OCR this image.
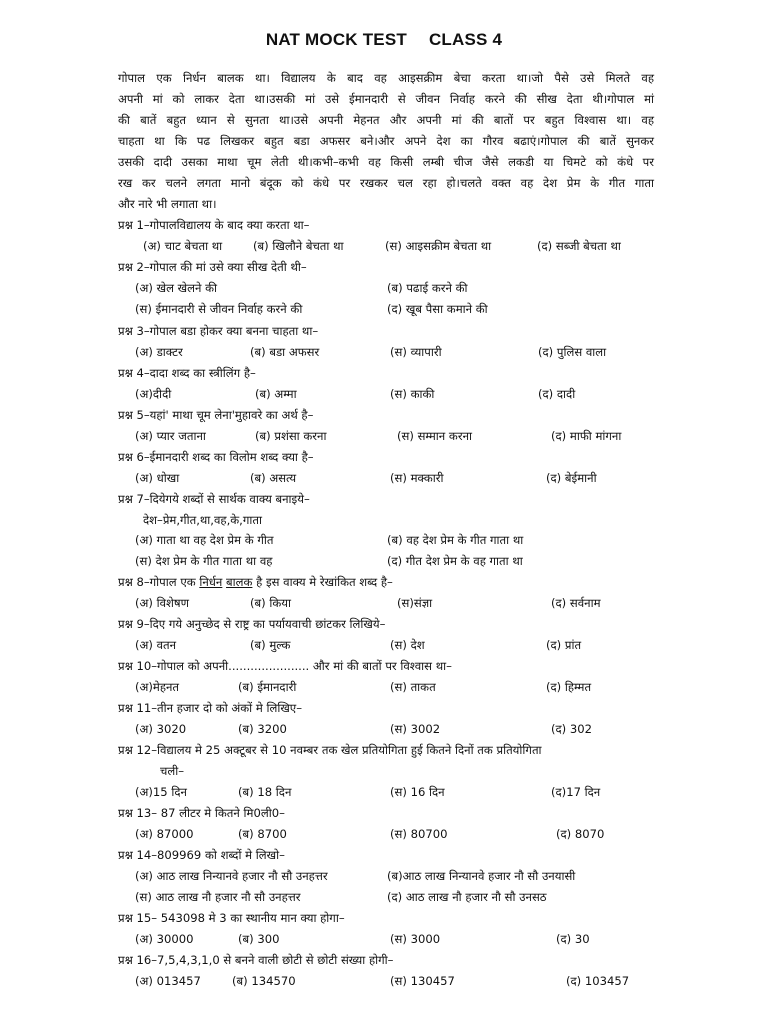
NAT MOCK TEST CLASS 4
गोपाल एक निर्धन बालक था। विद्यालय के बाद वह आइसक्रीम बेचा करता था।जो पैसे उसे मिलते वह
अपनी मां को लाकर देता था।उसकी मां उसे ईमानदारी से जीवन निर्वाह करने की सीख देता थी।गोपाल मां
की बातें बहुत ध्यान से सुनता था।उसे अपनी मेहनत और अपनी मां की बातों पर बहुत विश्वास था। वह
चाहता था कि पढ लिखकर बहुत बडा अफसर बने।और अपने देश का गौरव बढाएं।गोपाल की बातें सुनकर
उसकी दादी उसका माथा चूम लेती थी।कभी–कभी वह किसी लम्बी चीज जैसे लकडी या चिमटे को कंधे पर
रख कर चलने लगता मानो बंदूक को कंधे पर रखकर चल रहा हो।चलते वक्त वह देश प्रेम के गीत गाता
और नारे भी लगाता था।
प्रश्न 1–गोपालविद्यालय के बाद क्या करता था–
(अ) चाट बेचता था	(ब) खिलौने बेचता था	(स) आइसक्रीम बेचता था	(द) सब्जी बेचता था
प्रश्न 2–गोपाल की मां उसे क्या सीख देती थी–
(अ) खेल खेलने की	(ब) पढाई करने की
(स) ईमानदारी से जीवन निर्वाह करने की	(द) खूब पैसा कमाने की
प्रश्न 3–गोपाल बडा होकर क्या बनना चाहता था–
(अ) डाक्टर	(ब) बडा अफसर	(स) व्यापारी	(द) पुलिस वाला
प्रश्न 4–दादा शब्द का स्त्रीलिंग है–
(अ)दीदी	(ब) अम्मा	(स) काकी	(द) दादी
प्रश्न 5–यहां' माथा चूम लेना'मुहावरे का अर्थ है–
(अ) प्यार जताना	(ब) प्रशंसा करना	(स) सम्मान करना	(द) माफी मांगना
प्रश्न 6–ईमानदारी शब्द का विलोम शब्द क्या है–
(अ) धोखा	(ब) असत्य	(स) मक्कारी	(द) बेईमानी
प्रश्न 7–दियेगये शब्दों से सार्थक वाक्य बनाइये–
देश–प्रेम,गीत,था,वह,के,गाता
(अ) गाता था वह देश प्रेम के गीत	(ब) वह देश प्रेम के गीत गाता था
(स) देश प्रेम के गीत गाता था वह	(द) गीत देश प्रेम के वह गाता था
प्रश्न 8–गोपाल एक निर्धन बालक है इस वाक्य मे रेखांकित शब्द है–
(अ) विशेषण	(ब) किया	(स)संज्ञा	(द) सर्वनाम
प्रश्न 9–दिए गये अनुच्छेद से राष्ट्र का पर्यायवाची छांटकर लिखिये–
(अ) वतन	(ब) मुल्क	(स) देश	(द) प्रांत
प्रश्न 10–गोपाल को अपनी...................... और मां की बातों पर विश्वास था–
(अ)मेहनत	(ब) ईमानदारी	(स) ताकत	(द) हिम्मत
प्रश्न 11–तीन हजार दो को अंकों मे लिखिए–
(अ) 3020	(ब) 3200	(स) 3002	(द) 302
प्रश्न 12–विद्यालय मे 25 अक्टूबर से 10 नवम्बर तक खेल प्रतियोगिता हुई कितने दिनों तक प्रतियोगिता
चली–
(अ)15 दिन	(ब) 18 दिन	(स) 16 दिन	(द)17 दिन
प्रश्न 13– 87 लीटर मे कितने मि0ली0–
(अ) 87000	(ब) 8700	(स) 80700	(द) 8070
प्रश्न 14–809969 को शब्दों मे लिखो–
(अ) आठ लाख निन्यानवे हजार नौ सौ उनहत्तर	(ब)आठ लाख निन्यानवे हजार नौ सौ उनयासी
(स) आठ लाख नौ हजार नौ सौ उनहत्तर	(द) आठ लाख नौ हजार नौ सौ उनसठ
प्रश्न 15– 543098 मे 3 का स्थानीय मान क्या होगा–
(अ) 30000	(ब) 300	(स) 3000	(द) 30
प्रश्न 16–7,5,4,3,1,0 से बनने वाली छोटी से छोटी संख्या होगी–
(अ) 013457	(ब) 134570	(स) 130457	(द) 103457
